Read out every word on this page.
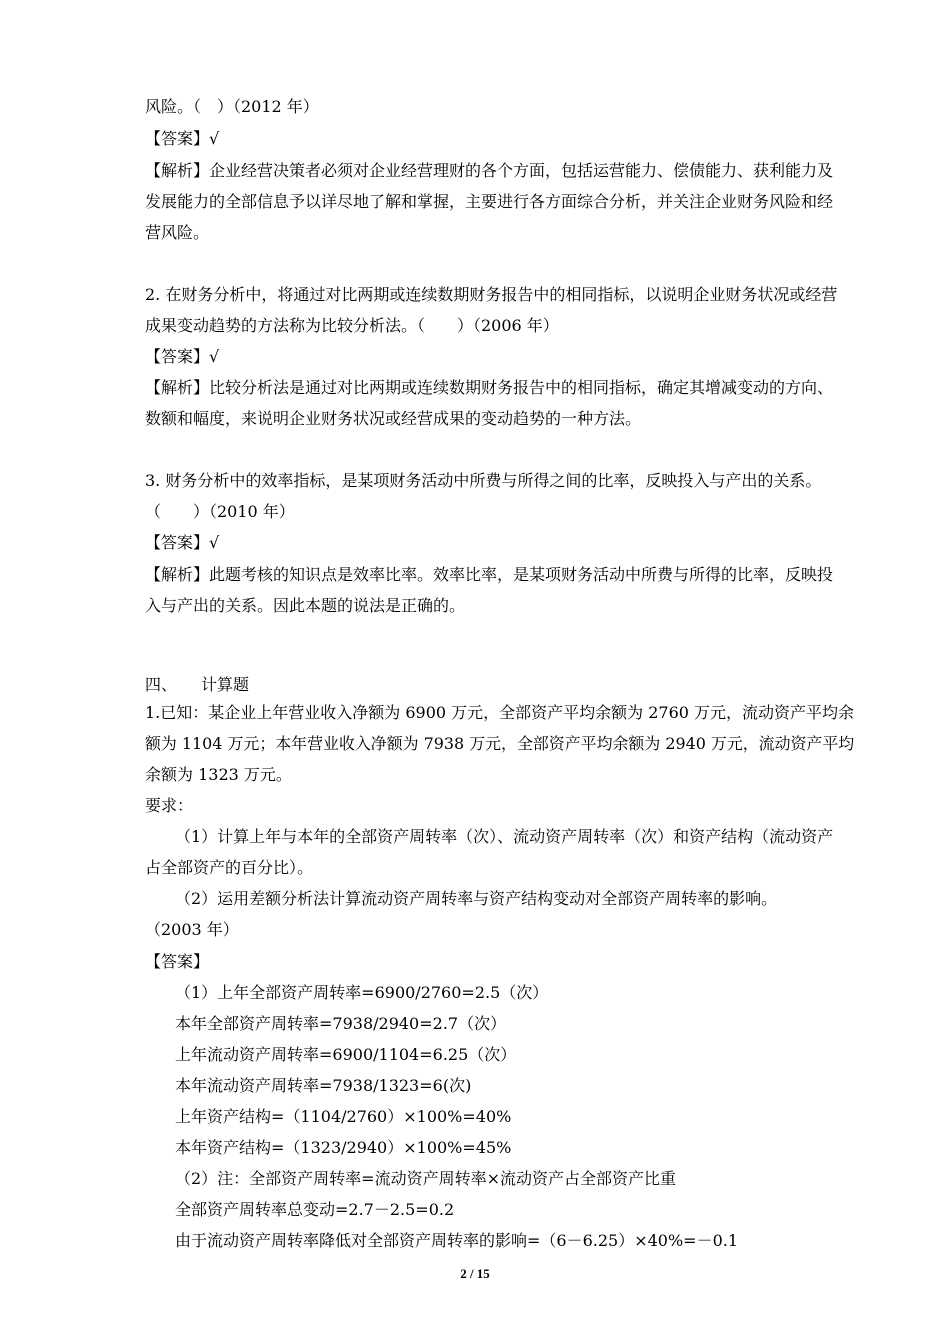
风险。（　）（2012 年）
【答案】√
【解析】企业经营决策者必须对企业经营理财的各个方面，包括运营能力、偿债能力、获利能力及
发展能力的全部信息予以详尽地了解和掌握，主要进行各方面综合分析，并关注企业财务风险和经
营风险。
2. 在财务分析中，将通过对比两期或连续数期财务报告中的相同指标，以说明企业财务状况或经营
成果变动趋势的方法称为比较分析法。（　　）（2006 年）
【答案】√
【解析】比较分析法是通过对比两期或连续数期财务报告中的相同指标，确定其增减变动的方向、
数额和幅度，来说明企业财务状况或经营成果的变动趋势的一种方法。
3. 财务分析中的效率指标，是某项财务活动中所费与所得之间的比率，反映投入与产出的关系。
（　　）（2010 年）
【答案】√
【解析】此题考核的知识点是效率比率。效率比率，是某项财务活动中所费与所得的比率，反映投
入与产出的关系。因此本题的说法是正确的。
四、　　计算题
1.已知：某企业上年营业收入净额为 6900 万元，全部资产平均余额为 2760 万元，流动资产平均余
额为 1104 万元；本年营业收入净额为 7938 万元，全部资产平均余额为 2940 万元，流动资产平均
余额为 1323 万元。
要求：
（1）计算上年与本年的全部资产周转率（次）、流动资产周转率（次）和资产结构（流动资产
占全部资产的百分比）。
（2）运用差额分析法计算流动资产周转率与资产结构变动对全部资产周转率的影响。
（2003 年）
【答案】
（1）上年全部资产周转率=6900/2760=2.5（次）
本年全部资产周转率=7938/2940=2.7（次）
上年流动资产周转率=6900/1104=6.25（次）
本年流动资产周转率=7938/1323=6(次)
上年资产结构=（1104/2760）×100%=40%
本年资产结构=（1323/2940）×100%=45%
（2）注：全部资产周转率=流动资产周转率×流动资产占全部资产比重
全部资产周转率总变动=2.7－2.5=0.2
由于流动资产周转率降低对全部资产周转率的影响=（6－6.25）×40%=－0.1
2 / 15
